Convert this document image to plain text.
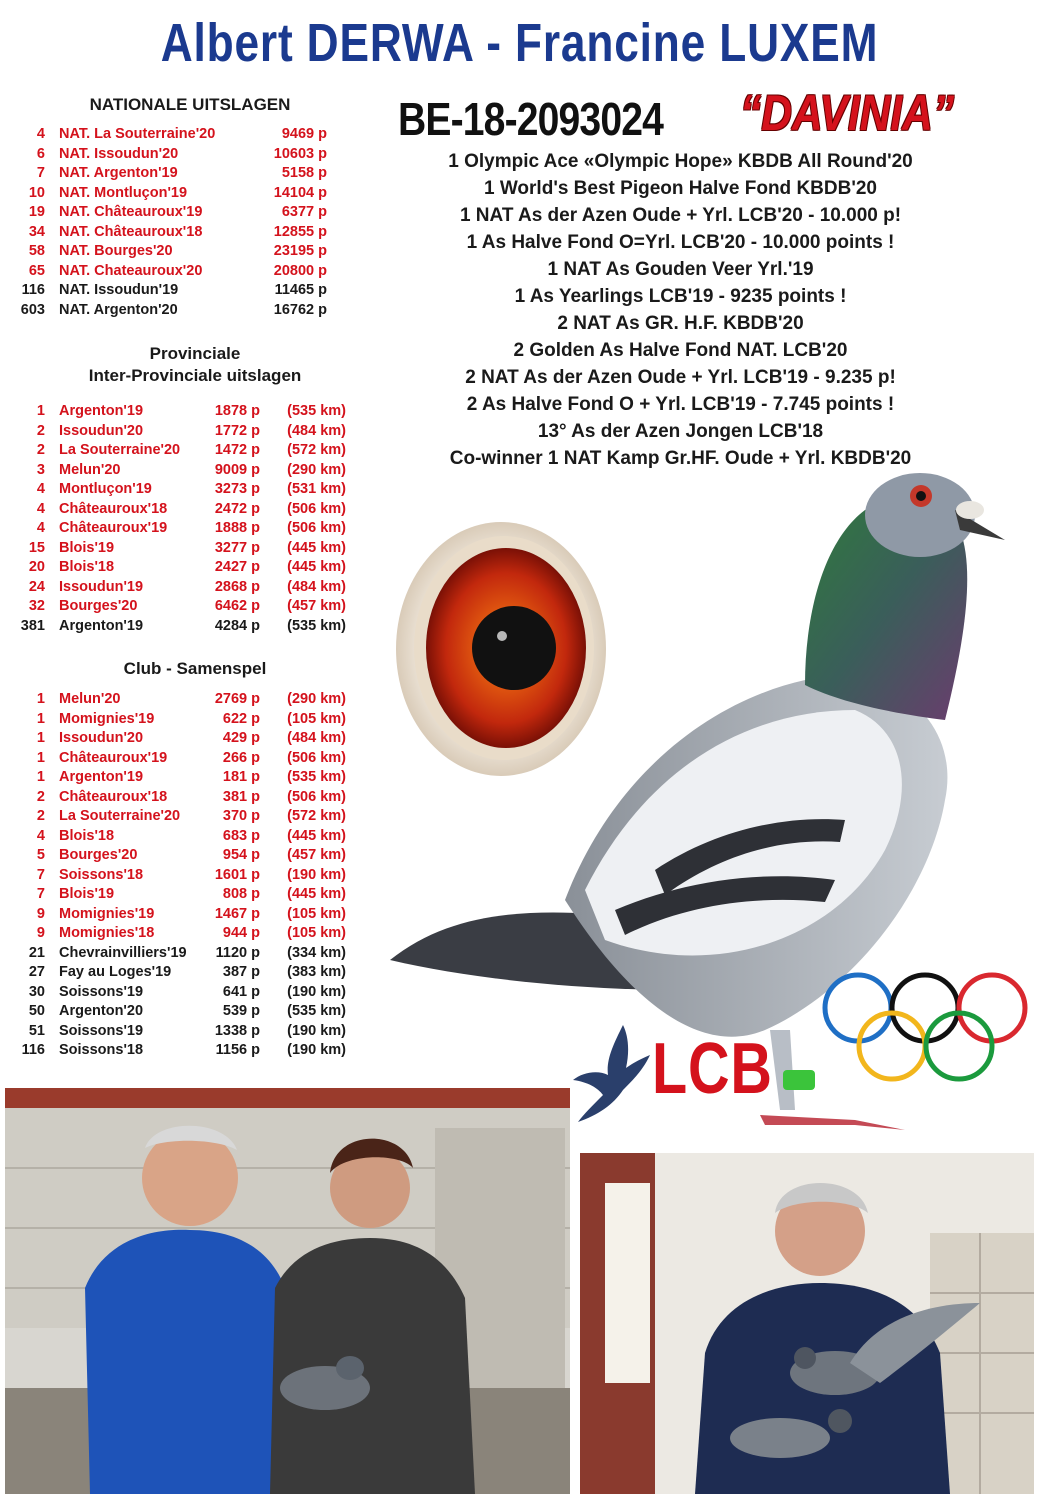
Albert DERWA - Francine LUXEM
NATIONALE UITSLAGEN
4 NAT. La Souterraine'20	9469 p
6 NAT. Issoudun'20	10603 p
7 NAT. Argenton'19	5158 p
10 NAT. Montluçon'19	14104 p
19 NAT. Châteauroux'19	6377 p
34 NAT. Châteauroux'18	12855 p
58 NAT. Bourges'20	23195 p
65 NAT. Chateauroux'20	20800 p
116 NAT. Issoudun'19	11465 p
603 NAT. Argenton'20	16762 p
Provinciale
Inter-Provinciale uitslagen
1 Argenton'19	1878 p (535 km)
2 Issoudun'20	1772 p (484 km)
2 La Souterraine'20 1472 p (572 km)
3 Melun'20	9009 p (290 km)
4 Montluçon'19	3273 p (531 km)
4 Châteauroux'18	2472 p (506 km)
4 Châteauroux'19	1888 p (506 km)
15 Blois'19	3277 p (445 km)
20 Blois'18	2427 p (445 km)
24 Issoudun'19	2868 p (484 km)
32 Bourges'20	6462 p (457 km)
381 Argenton'19	4284 p (535 km)
Club - Samenspel
1 Melun'20	2769 p (290 km)
1 Momignies'19	622 p (105 km)
1 Issoudun'20	429 p (484 km)
1 Châteauroux'19	266 p (506 km)
1 Argenton'19	181 p (535 km)
2 Châteauroux'18	381 p (506 km)
2 La Souterraine'20	370 p (572 km)
4 Blois'18	683 p (445 km)
5 Bourges'20	954 p (457 km)
7 Soissons'18	1601 p (190 km)
7 Blois'19	808 p (445 km)
9 Momignies'19	1467 p (105 km)
9 Momignies'18	944 p (105 km)
21 Chevrainvilliers'19 1120 p (334 km)
27 Fay au Loges'19	387 p (383 km)
30 Soissons'19	641 p (190 km)
50 Argenton'20	539 p (535 km)
51 Soissons'19	1338 p (190 km)
116 Soissons'18	1156 p (190 km)
BE-18-2093024 “DAVINIA”
1 Olympic Ace «Olympic Hope» KBDB All Round'20
1 World's Best Pigeon Halve Fond KBDB'20
1 NAT As der Azen Oude + Yrl. LCB'20 - 10.000 p!
1 As Halve Fond O=Yrl. LCB'20 - 10.000 points !
1 NAT As Gouden Veer Yrl.'19
1 As Yearlings LCB'19 - 9235 points !
2 NAT As GR. H.F. KBDB'20
2 Golden As Halve Fond NAT. LCB'20
2 NAT As der Azen Oude + Yrl. LCB'19 - 9.235 p!
2 As Halve Fond O + Yrl. LCB'19 - 7.745 points !
13° As der Azen Jongen LCB'18
Co-winner 1 NAT Kamp Gr.HF. Oude + Yrl. KBDB'20
LCB
